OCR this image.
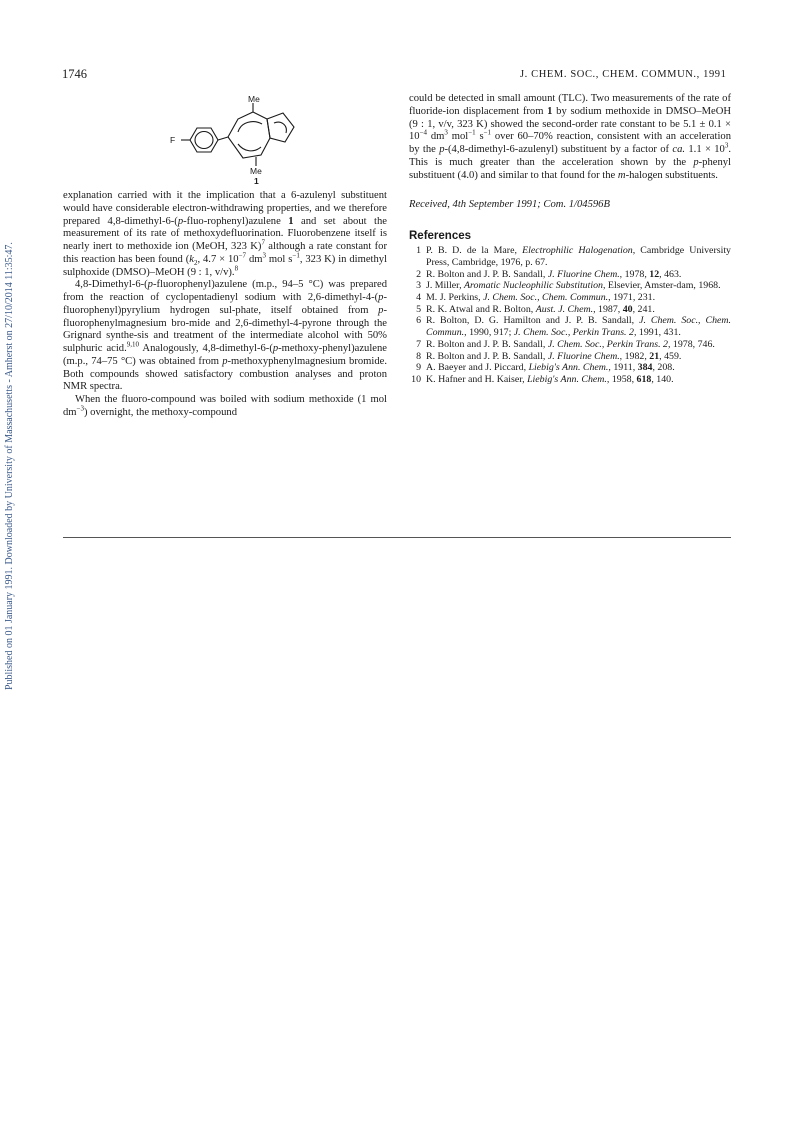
1746	J. CHEM. SOC., CHEM. COMMUN., 1991
Published on 01 January 1991. Downloaded by University of Massachusetts - Amherst on 27/10/2014 11:35:47.
Me
Me
F
1

explanation carried with it the implication that a 6-azulenyl substituent would have considerable electron-withdrawing properties, and we therefore prepared 4,8-dimethyl-6-(p-fluo-rophenyl)azulene 1 and set about the measurement of its rate of methoxydefluorination. Fluorobenzene itself is nearly inert to methoxide ion (MeOH, 323 K)$^7$ although a rate constant for this reaction has been found ($k_2$, $4.7 \times 10^{-7}$ $dm^3$ mol $s^{-1}$, 323 K) in dimethyl sulphoxide (DMSO)–MeOH (9 : 1, v/v).$^8$

4,8-Dimethyl-6-(p-fluorophenyl)azulene (m.p., 94–5 °C) was prepared from the reaction of cyclopentadienyl sodium with 2,6-dimethyl-4-(p-fluorophenyl)pyrylium hydrogen sul-phate, itself obtained from p-fluorophenylmagnesium bro-mide and 2,6-dimethyl-4-pyrone through the Grignard synthe-sis and treatment of the intermediate alcohol with 50% sulphuric acid.$^{9,10}$ Analogously, 4,8-dimethyl-6-(p-methoxy-phenyl)azulene (m.p., 74–75 °C) was obtained from p-methoxyphenylmagnesium bromide. Both compounds showed satisfactory combustion analyses and proton NMR spectra.

When the fluoro-compound was boiled with sodium methoxide (1 mol $dm^{-3}$) overnight, the methoxy-compound

could be detected in small amount (TLC). Two measurements of the rate of fluoride-ion displacement from 1 by sodium methoxide in DMSO–MeOH (9 : 1, v/v, 323 K) showed the second-order rate constant to be $5.1 \pm 0.1 \times 10^{-4}$ $dm^3$ mol$^{-1}$ $s^{-1}$ over 60–70% reaction, consistent with an acceleration by the p-(4,8-dimethyl-6-azulenyl) substituent by a factor of ca. $1.1 \times 10^3$. This is much greater than the acceleration shown by the p-phenyl substituent (4.0) and similar to that found for the m-halogen substituents.

Received, 4th September 1991; Com. 1/04596B
References
1 P. B. D. de la Mare, Electrophilic Halogenation, Cambridge University Press, Cambridge, 1976, p. 67.
2 R. Bolton and J. P. B. Sandall, J. Fluorine Chem., 1978, 12, 463.
3 J. Miller, Aromatic Nucleophilic Substitution, Elsevier, Amster-dam, 1968.
4 M. J. Perkins, J. Chem. Soc., Chem. Commun., 1971, 231.
5 R. K. Atwal and R. Bolton, Aust. J. Chem., 1987, 40, 241.
6 R. Bolton, D. G. Hamilton and J. P. B. Sandall, J. Chem. Soc., Chem. Commun., 1990, 917; J. Chem. Soc., Perkin Trans. 2, 1991, 431.
7 R. Bolton and J. P. B. Sandall, J. Chem. Soc., Perkin Trans. 2, 1978, 746.
8 R. Bolton and J. P. B. Sandall, J. Fluorine Chem., 1982, 21, 459.
9 A. Baeyer and J. Piccard, Liebig's Ann. Chem., 1911, 384, 208.
10 K. Hafner and H. Kaiser, Liebig's Ann. Chem., 1958, 618, 140.
